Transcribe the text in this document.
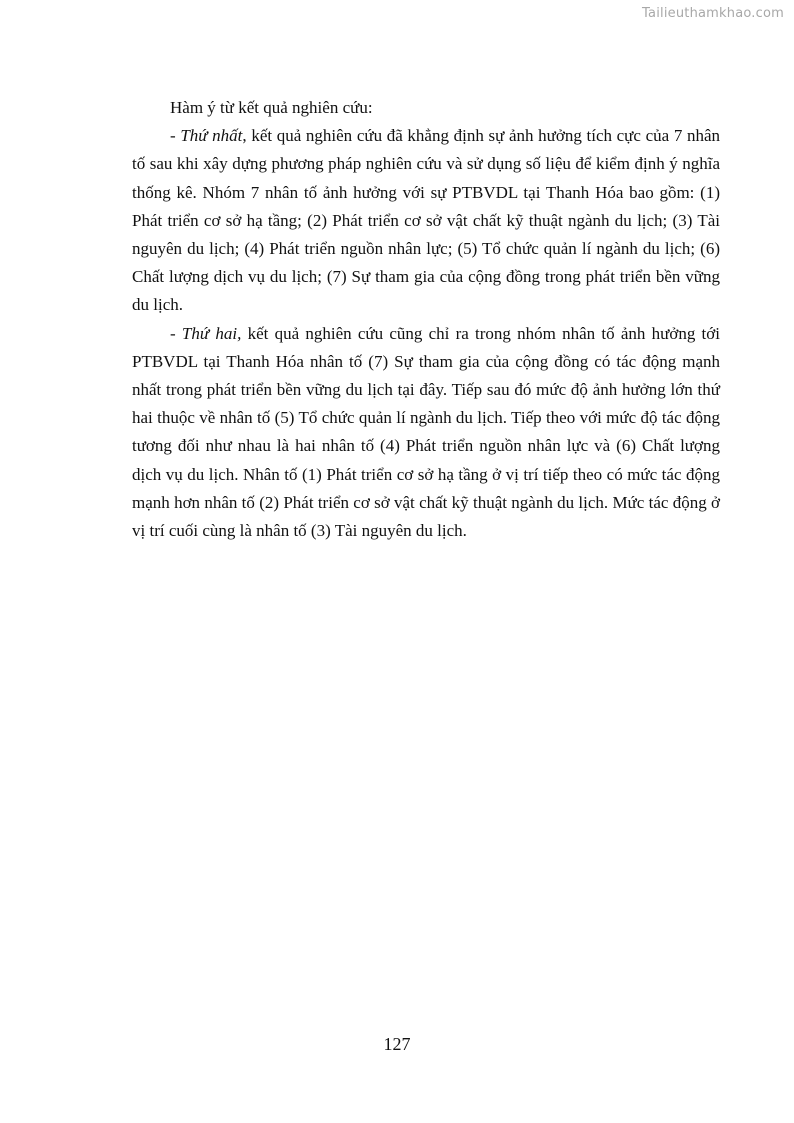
Tailieuthamkhao.com

Hàm ý từ kết quả nghiên cứu:

- Thứ nhất, kết quả nghiên cứu đã khẳng định sự ảnh hưởng tích cực của 7 nhân tố sau khi xây dựng phương pháp nghiên cứu và sử dụng số liệu để kiểm định ý nghĩa thống kê. Nhóm 7 nhân tố ảnh hưởng với sự PTBVDL tại Thanh Hóa bao gồm: (1) Phát triển cơ sở hạ tầng; (2) Phát triển cơ sở vật chất kỹ thuật ngành du lịch; (3) Tài nguyên du lịch; (4) Phát triển nguồn nhân lực; (5) Tổ chức quản lí ngành du lịch; (6) Chất lượng dịch vụ du lịch; (7) Sự tham gia của cộng đồng trong phát triển bền vững du lịch.

- Thứ hai, kết quả nghiên cứu cũng chỉ ra trong nhóm nhân tố ảnh hưởng tới PTBVDL tại Thanh Hóa nhân tố (7) Sự tham gia của cộng đồng có tác động mạnh nhất trong phát triển bền vững du lịch tại đây. Tiếp sau đó mức độ ảnh hưởng lớn thứ hai thuộc về nhân tố (5) Tổ chức quản lí ngành du lịch. Tiếp theo với mức độ tác động tương đối như nhau là hai nhân tố (4) Phát triển nguồn nhân lực và (6) Chất lượng dịch vụ du lịch. Nhân tố (1) Phát triển cơ sở hạ tầng ở vị trí tiếp theo có mức tác động mạnh hơn nhân tố (2) Phát triển cơ sở vật chất kỹ thuật ngành du lịch. Mức tác động ở vị trí cuối cùng là nhân tố (3) Tài nguyên du lịch.

127
